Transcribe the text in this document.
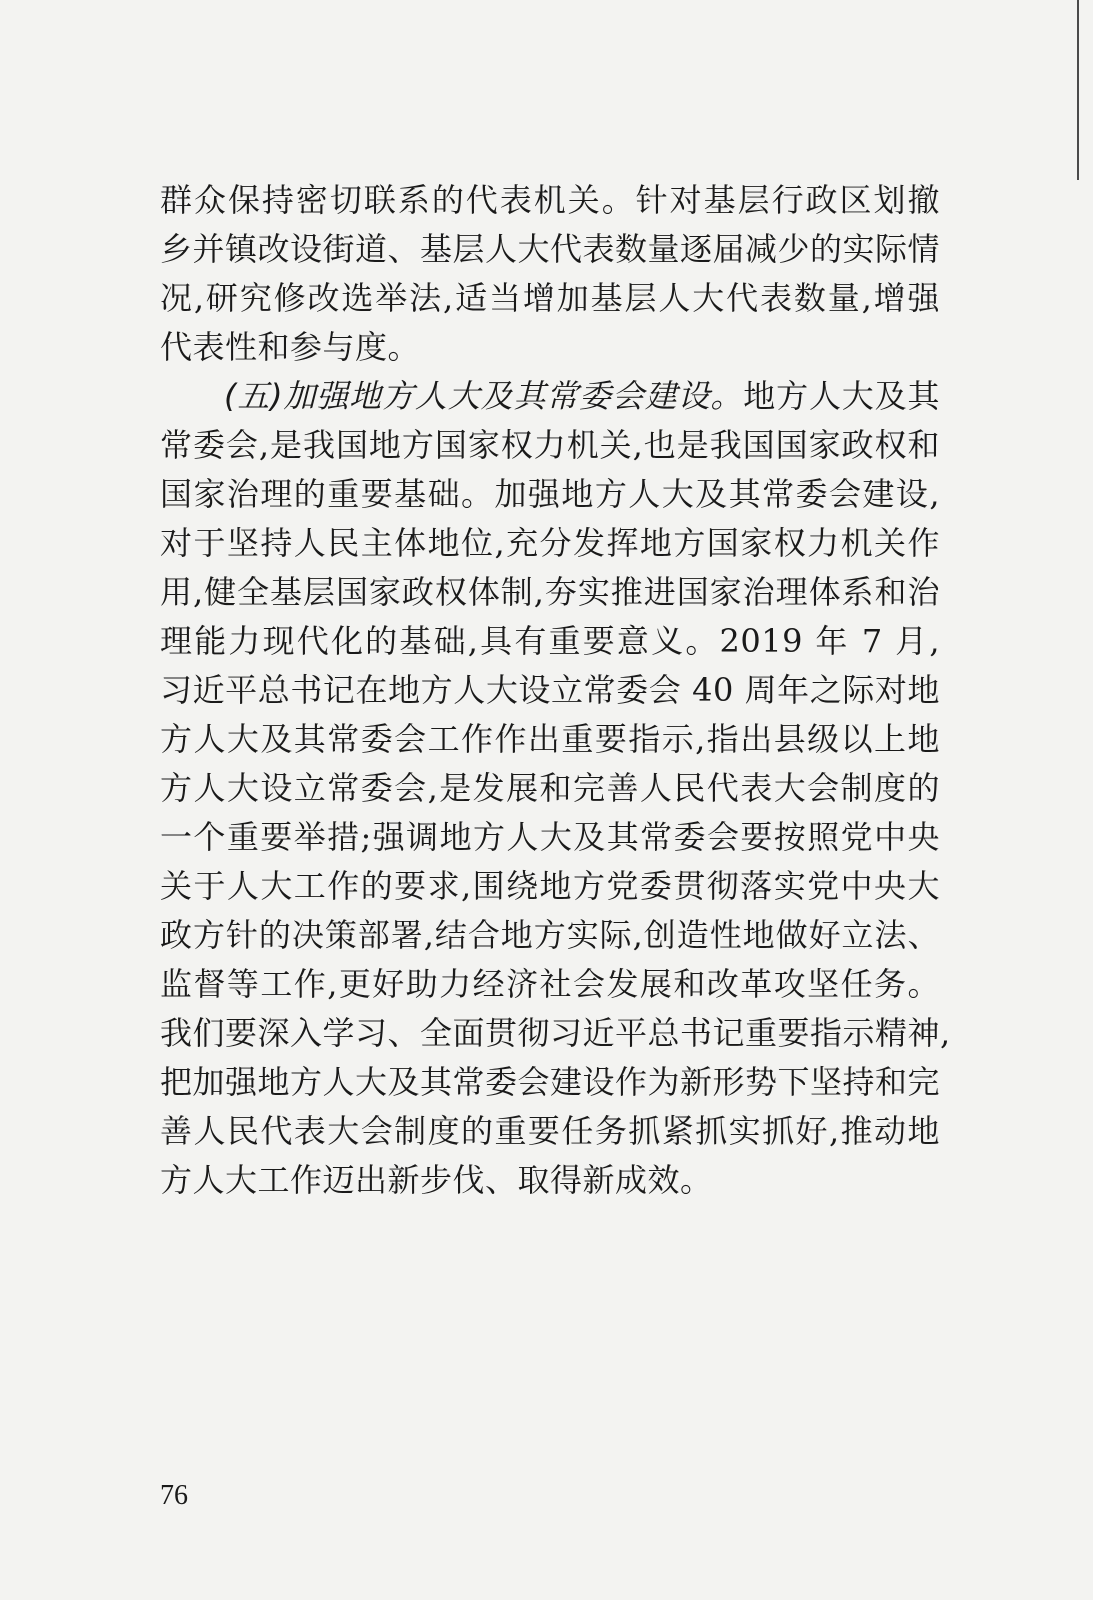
群众保持密切联系的代表机关。针对基层行政区划撤
乡并镇改设街道、基层人大代表数量逐届减少的实际情
况,研究修改选举法,适当增加基层人大代表数量,增强
代表性和参与度。
(五)加强地方人大及其常委会建设。地方人大及其
常委会,是我国地方国家权力机关,也是我国国家政权和
国家治理的重要基础。加强地方人大及其常委会建设,
对于坚持人民主体地位,充分发挥地方国家权力机关作
用,健全基层国家政权体制,夯实推进国家治理体系和治
理能力现代化的基础,具有重要意义。2019 年 7 月,
习近平总书记在地方人大设立常委会 40 周年之际对地
方人大及其常委会工作作出重要指示,指出县级以上地
方人大设立常委会,是发展和完善人民代表大会制度的
一个重要举措;强调地方人大及其常委会要按照党中央
关于人大工作的要求,围绕地方党委贯彻落实党中央大
政方针的决策部署,结合地方实际,创造性地做好立法、
监督等工作,更好助力经济社会发展和改革攻坚任务。
我们要深入学习、全面贯彻习近平总书记重要指示精神,
把加强地方人大及其常委会建设作为新形势下坚持和完
善人民代表大会制度的重要任务抓紧抓实抓好,推动地
方人大工作迈出新步伐、取得新成效。
76
